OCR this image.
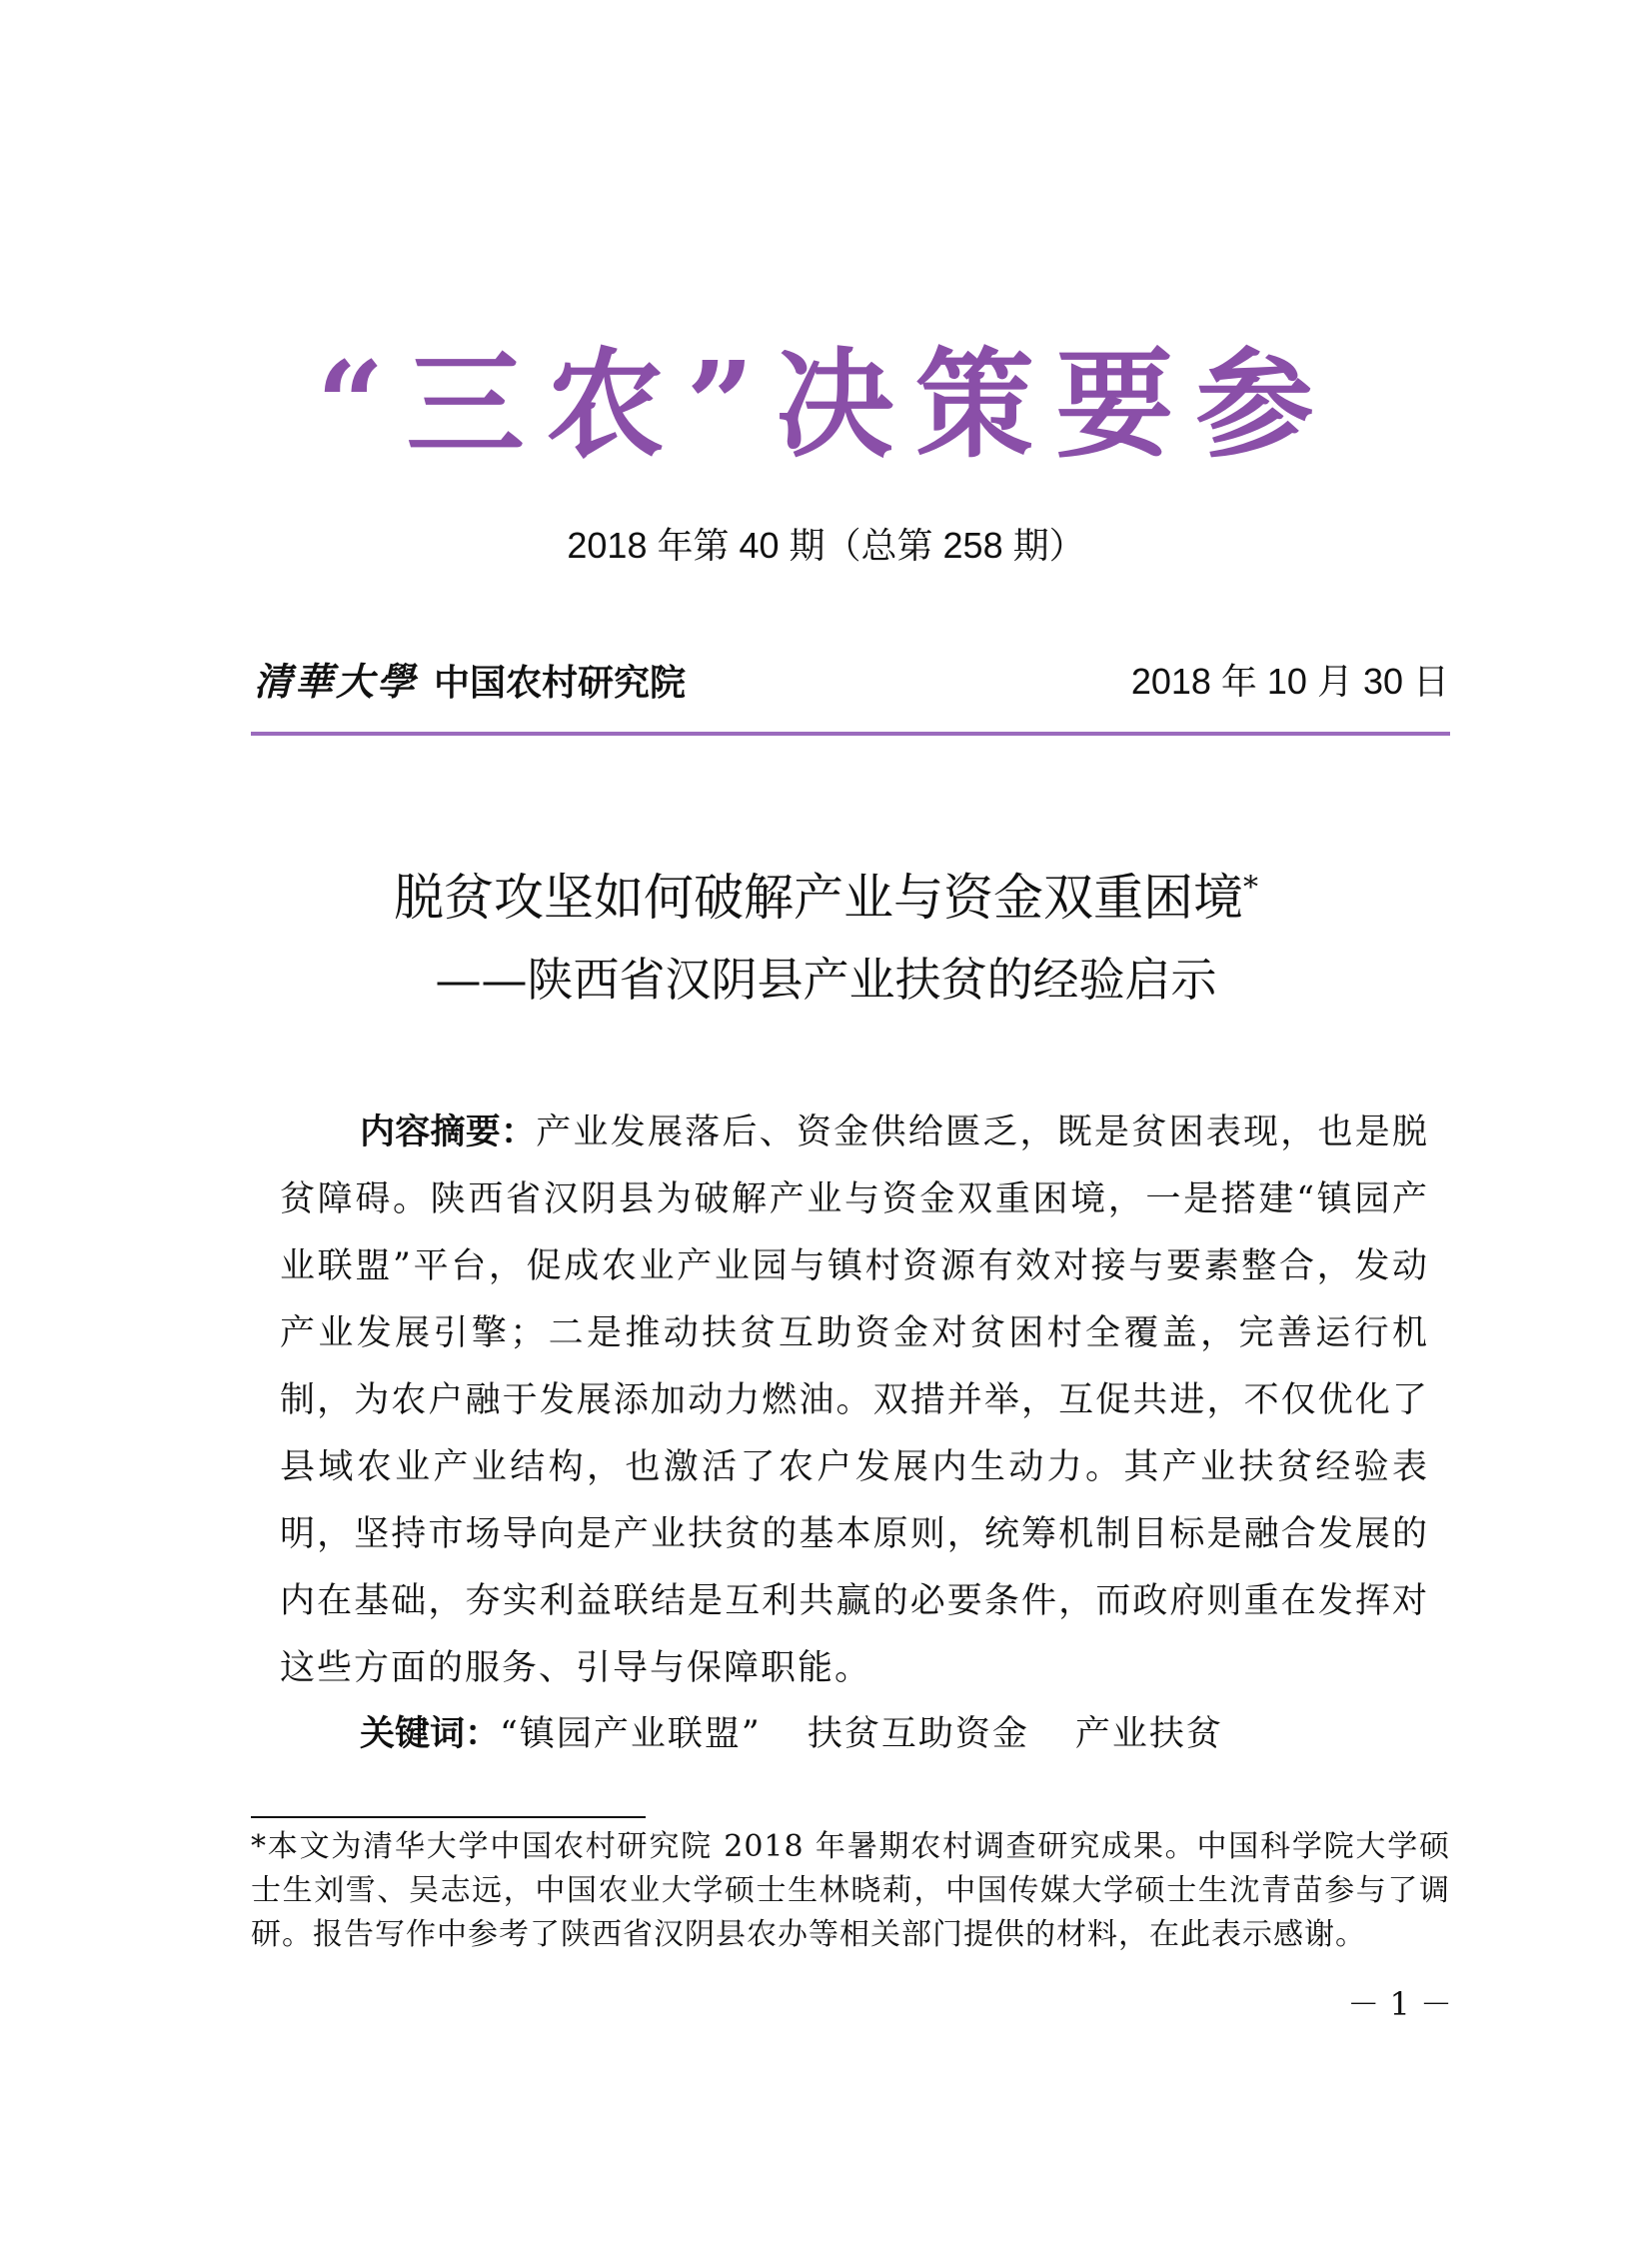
“三农”决策要参
2018 年第 40 期（总第 258 期）
清華大學 中国农村研究院	2018 年 10 月 30 日
脱贫攻坚如何破解产业与资金双重困境*
——陕西省汉阴县产业扶贫的经验启示
内容摘要：产业发展落后、资金供给匮乏，既是贫困表现，也是脱贫障碍。陕西省汉阴县为破解产业与资金双重困境，一是搭建“镇园产业联盟”平台，促成农业产业园与镇村资源有效对接与要素整合，发动产业发展引擎；二是推动扶贫互助资金对贫困村全覆盖，完善运行机制，为农户融于发展添加动力燃油。双措并举，互促共进，不仅优化了县域农业产业结构，也激活了农户发展内生动力。其产业扶贫经验表明，坚持市场导向是产业扶贫的基本原则，统筹机制目标是融合发展的内在基础，夯实利益联结是互利共赢的必要条件，而政府则重在发挥对这些方面的服务、引导与保障职能。
关键词：“镇园产业联盟” 扶贫互助资金 产业扶贫
*本文为清华大学中国农村研究院 2018 年暑期农村调查研究成果。中国科学院大学硕士生刘雪、吴志远，中国农业大学硕士生林晓莉，中国传媒大学硕士生沈青苗参与了调研。报告写作中参考了陕西省汉阴县农办等相关部门提供的材料，在此表示感谢。
－ 1 －
